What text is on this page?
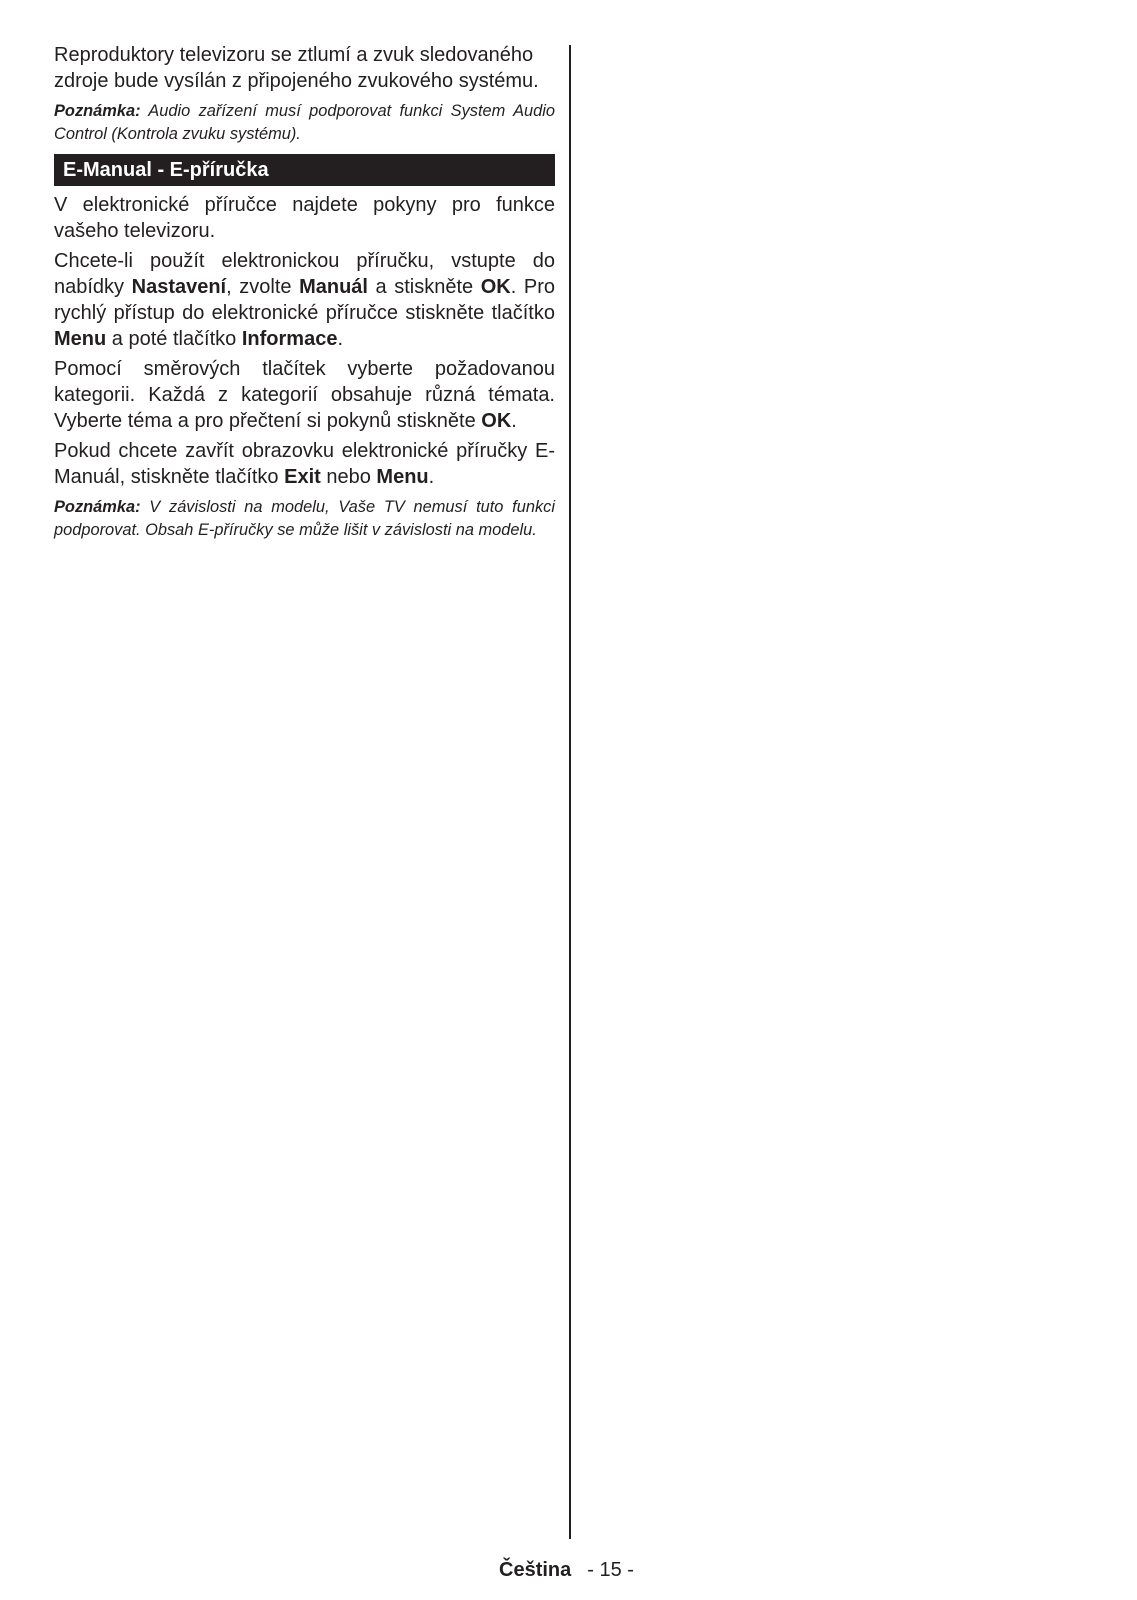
Reproduktory televizoru se ztlumí a zvuk sledovaného zdroje bude vysílán z připojeného zvukového systému.

Poznámka: Audio zařízení musí podporovat funkci System Audio Control (Kontrola zvuku systému).

E-Manual - E-příručka

V elektronické příručce najdete pokyny pro funkce vašeho televizoru.

Chcete-li použít elektronickou příručku, vstupte do nabídky Nastavení, zvolte Manuál a stiskněte OK. Pro rychlý přístup do elektronické příručce stiskněte tlačítko Menu a poté tlačítko Informace.

Pomocí směrových tlačítek vyberte požadovanou kategorii. Každá z kategorií obsahuje různá témata. Vyberte téma a pro přečtení si pokynů stiskněte OK.

Pokud chcete zavřít obrazovku elektronické příručky E-Manuál, stiskněte tlačítko Exit nebo Menu.

Poznámka: V závislosti na modelu, Vaše TV nemusí tuto funkci podporovat. Obsah E-příručky se může lišit v závislosti na modelu.

Čeština - 15 -
